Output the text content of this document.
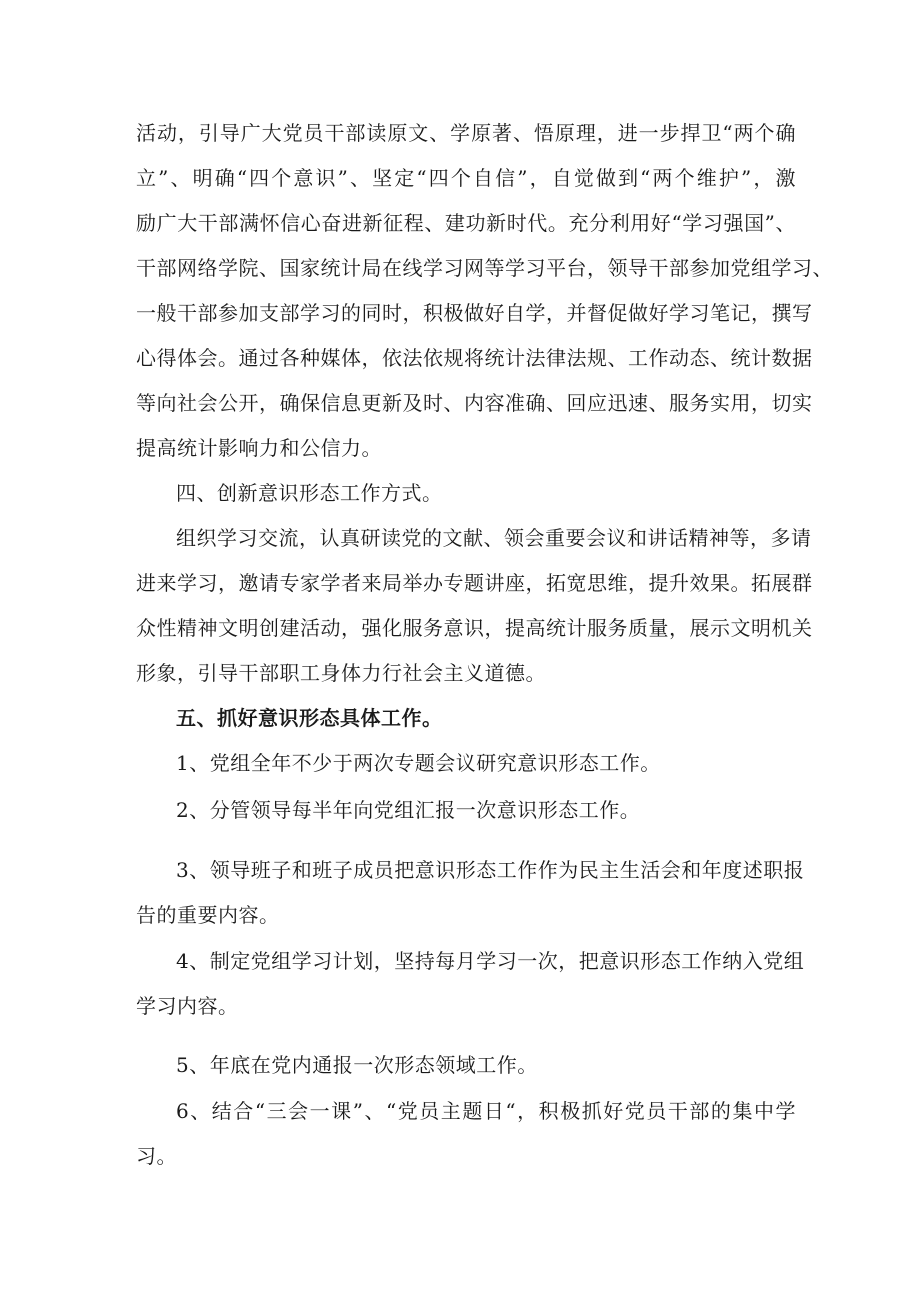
活动，引导广大党员干部读原文、学原著、悟原理，进一步捍卫“两个确
立”、明确“四个意识”、坚定“四个自信”，自觉做到“两个维护”，激
励广大干部满怀信心奋进新征程、建功新时代。充分利用好“学习强国”、
干部网络学院、国家统计局在线学习网等学习平台，领导干部参加党组学习、
一般干部参加支部学习的同时，积极做好自学，并督促做好学习笔记，撰写
心得体会。通过各种媒体，依法依规将统计法律法规、工作动态、统计数据
等向社会公开，确保信息更新及时、内容准确、回应迅速、服务实用，切实
提高统计影响力和公信力。
四、创新意识形态工作方式。
组织学习交流，认真研读党的文献、领会重要会议和讲话精神等，多请
进来学习，邀请专家学者来局举办专题讲座，拓宽思维，提升效果。拓展群
众性精神文明创建活动，强化服务意识，提高统计服务质量，展示文明机关
形象，引导干部职工身体力行社会主义道德。
五、抓好意识形态具体工作。
1、党组全年不少于两次专题会议研究意识形态工作。
2、分管领导每半年向党组汇报一次意识形态工作。
3、领导班子和班子成员把意识形态工作作为民主生活会和年度述职报
告的重要内容。
4、制定党组学习计划，坚持每月学习一次，把意识形态工作纳入党组
学习内容。
5、年底在党内通报一次形态领域工作。
6、结合“三会一课”、“党员主题日“，积极抓好党员干部的集中学
习。
